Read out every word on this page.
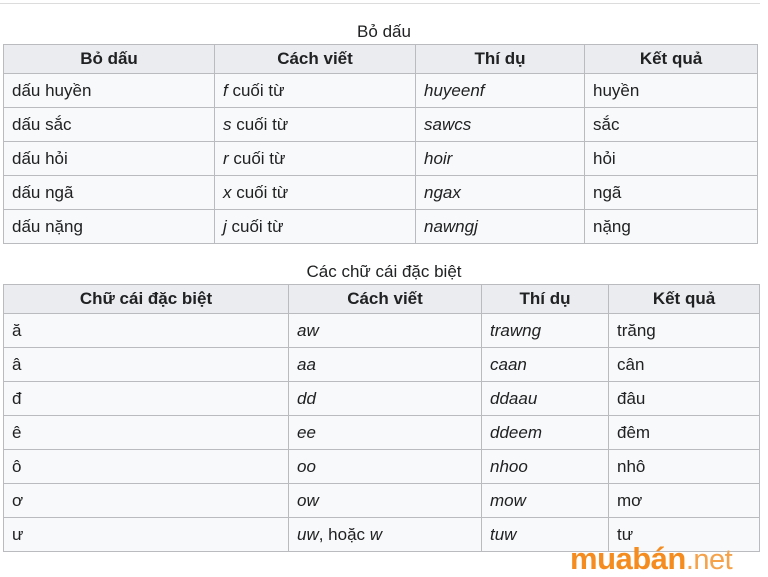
Bỏ dấu
Bỏ dấu	Cách viết	Thí dụ	Kết quả
dấu huyền	f cuối từ	huyeenf	huyền
dấu sắc	s cuối từ	sawcs	sắc
dấu hỏi	r cuối từ	hoir	hỏi
dấu ngã	x cuối từ	ngax	ngã
dấu nặng	j cuối từ	nawngj	nặng
Các chữ cái đặc biệt
Chữ cái đặc biệt	Cách viết	Thí dụ	Kết quả
ă	aw	trawng	trăng
â	aa	caan	cân
đ	dd	ddaau	đâu
ê	ee	ddeem	đêm
ô	oo	nhoo	nhô
ơ	ow	mow	mơ
ư	uw, hoặc w	tuw	tư
muabán.net
